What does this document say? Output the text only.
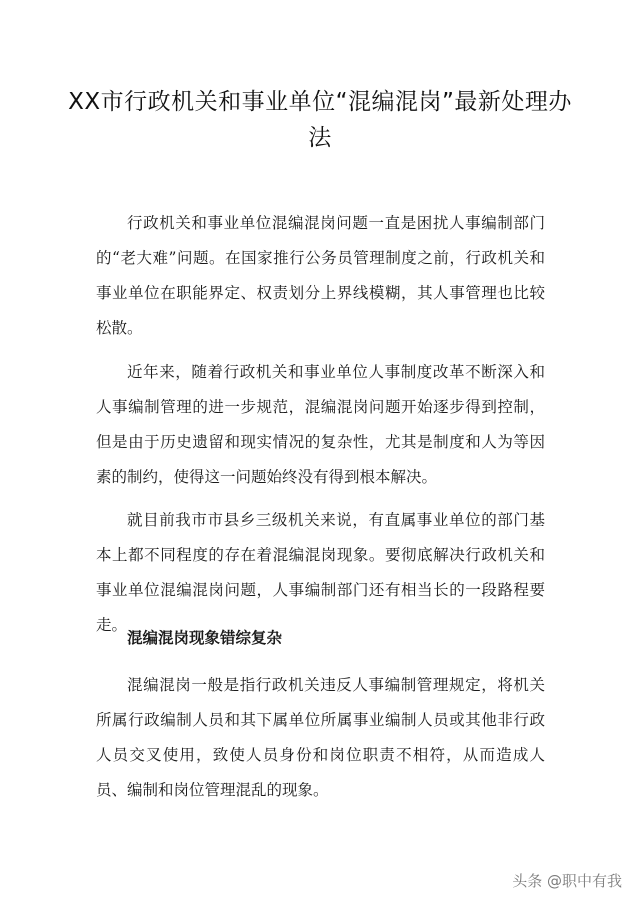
XX市行政机关和事业单位“混编混岗”最新处理办法

行政机关和事业单位混编混岗问题一直是困扰人事编制部门的“老大难”问题。在国家推行公务员管理制度之前，行政机关和事业单位在职能界定、权责划分上界线模糊，其人事管理也比较松散。

近年来，随着行政机关和事业单位人事制度改革不断深入和人事编制管理的进一步规范，混编混岗问题开始逐步得到控制，但是由于历史遗留和现实情况的复杂性，尤其是制度和人为等因素的制约，使得这一问题始终没有得到根本解决。

就目前我市市县乡三级机关来说，有直属事业单位的部门基本上都不同程度的存在着混编混岗现象。要彻底解决行政机关和事业单位混编混岗问题，人事编制部门还有相当长的一段路程要走。

混编混岗现象错综复杂

混编混岗一般是指行政机关违反人事编制管理规定，将机关所属行政编制人员和其下属单位所属事业编制人员或其他非行政人员交叉使用，致使人员身份和岗位职责不相符，从而造成人员、编制和岗位管理混乱的现象。

头条 @职中有我
